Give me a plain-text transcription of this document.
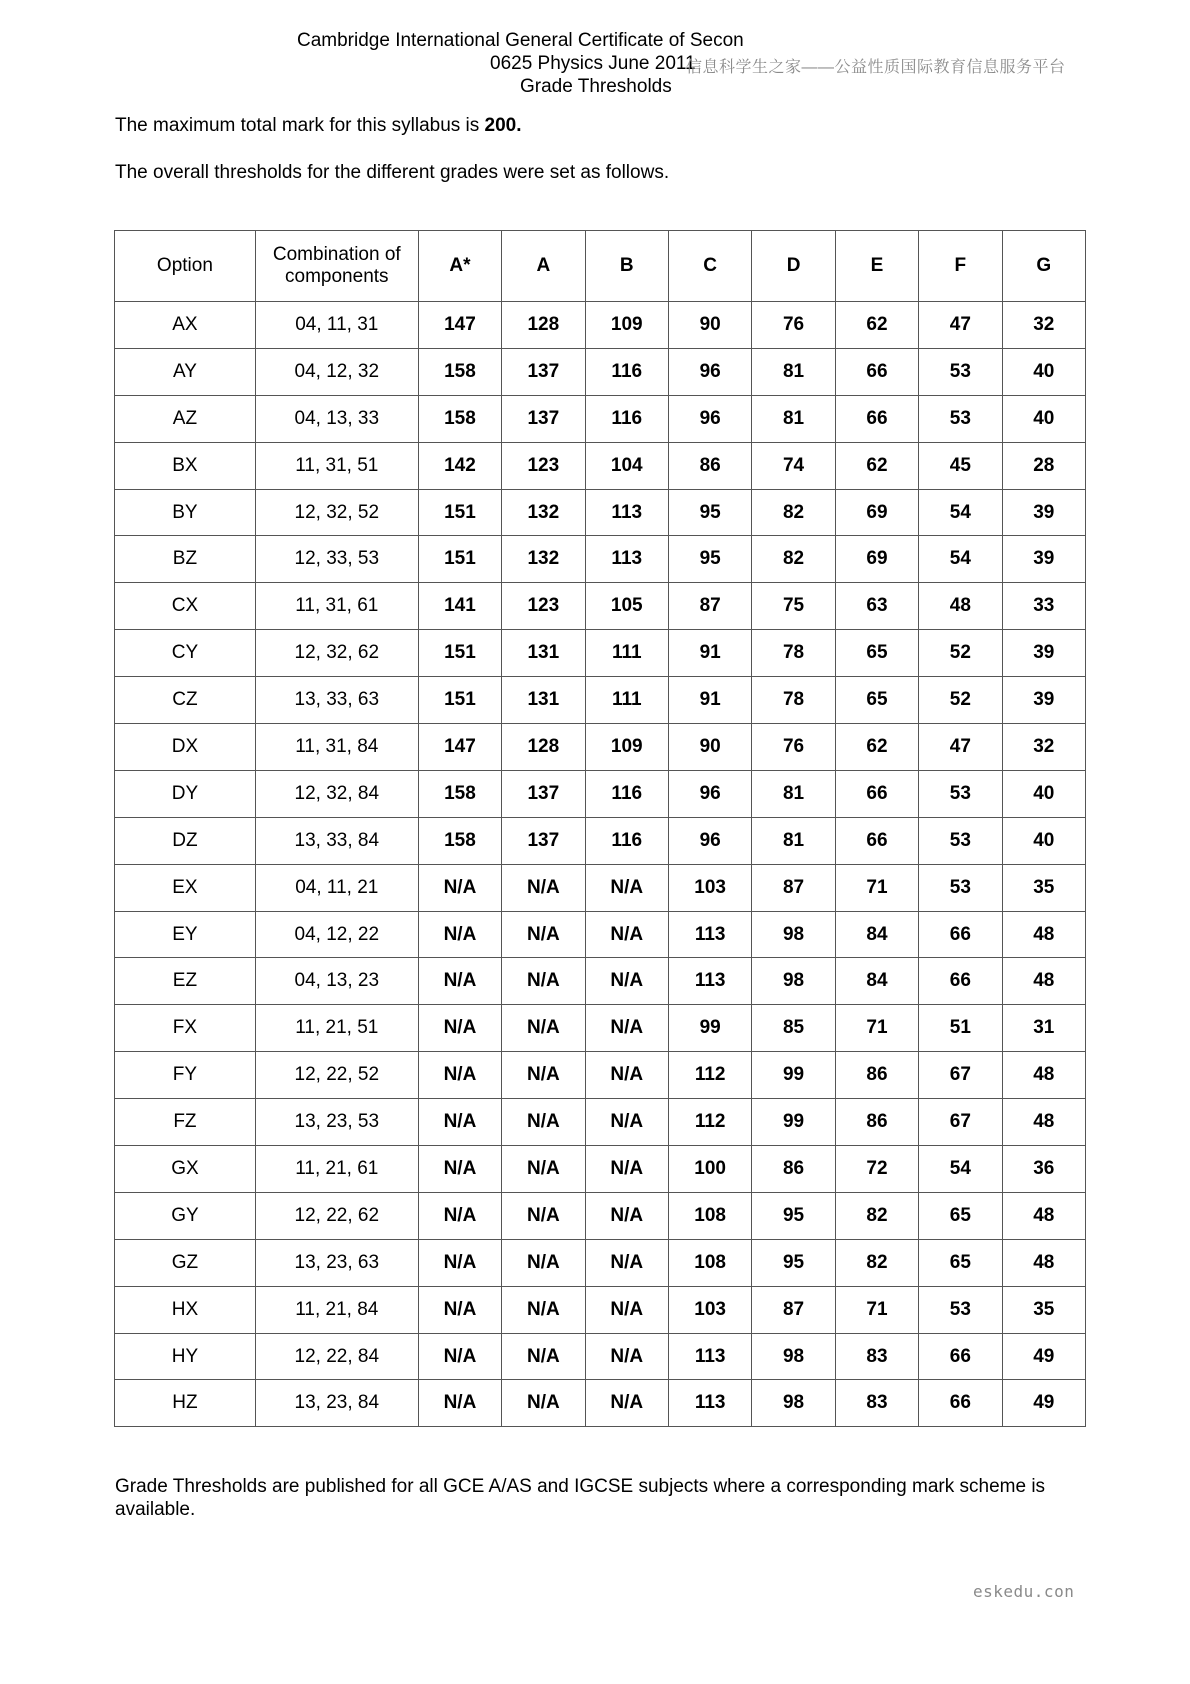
Cambridge International General Certificate of Secon
0625 Physics June 2011
Grade Thresholds
信息科学生之家——公益性质国际教育信息服务平台
The maximum total mark for this syllabus is 200.
The overall thresholds for the different grades were set as follows.
Option	Combination of components	A*	A	B	C	D	E	F	G
AX	04, 11, 31	147	128	109	90	76	62	47	32
AY	04, 12, 32	158	137	116	96	81	66	53	40
AZ	04, 13, 33	158	137	116	96	81	66	53	40
BX	11, 31, 51	142	123	104	86	74	62	45	28
BY	12, 32, 52	151	132	113	95	82	69	54	39
BZ	12, 33, 53	151	132	113	95	82	69	54	39
CX	11, 31, 61	141	123	105	87	75	63	48	33
CY	12, 32, 62	151	131	111	91	78	65	52	39
CZ	13, 33, 63	151	131	111	91	78	65	52	39
DX	11, 31, 84	147	128	109	90	76	62	47	32
DY	12, 32, 84	158	137	116	96	81	66	53	40
DZ	13, 33, 84	158	137	116	96	81	66	53	40
EX	04, 11, 21	N/A	N/A	N/A	103	87	71	53	35
EY	04, 12, 22	N/A	N/A	N/A	113	98	84	66	48
EZ	04, 13, 23	N/A	N/A	N/A	113	98	84	66	48
FX	11, 21, 51	N/A	N/A	N/A	99	85	71	51	31
FY	12, 22, 52	N/A	N/A	N/A	112	99	86	67	48
FZ	13, 23, 53	N/A	N/A	N/A	112	99	86	67	48
GX	11, 21, 61	N/A	N/A	N/A	100	86	72	54	36
GY	12, 22, 62	N/A	N/A	N/A	108	95	82	65	48
GZ	13, 23, 63	N/A	N/A	N/A	108	95	82	65	48
HX	11, 21, 84	N/A	N/A	N/A	103	87	71	53	35
HY	12, 22, 84	N/A	N/A	N/A	113	98	83	66	49
HZ	13, 23, 84	N/A	N/A	N/A	113	98	83	66	49
Grade Thresholds are published for all GCE A/AS and IGCSE subjects where a corresponding mark scheme is available.
eskedu.con
